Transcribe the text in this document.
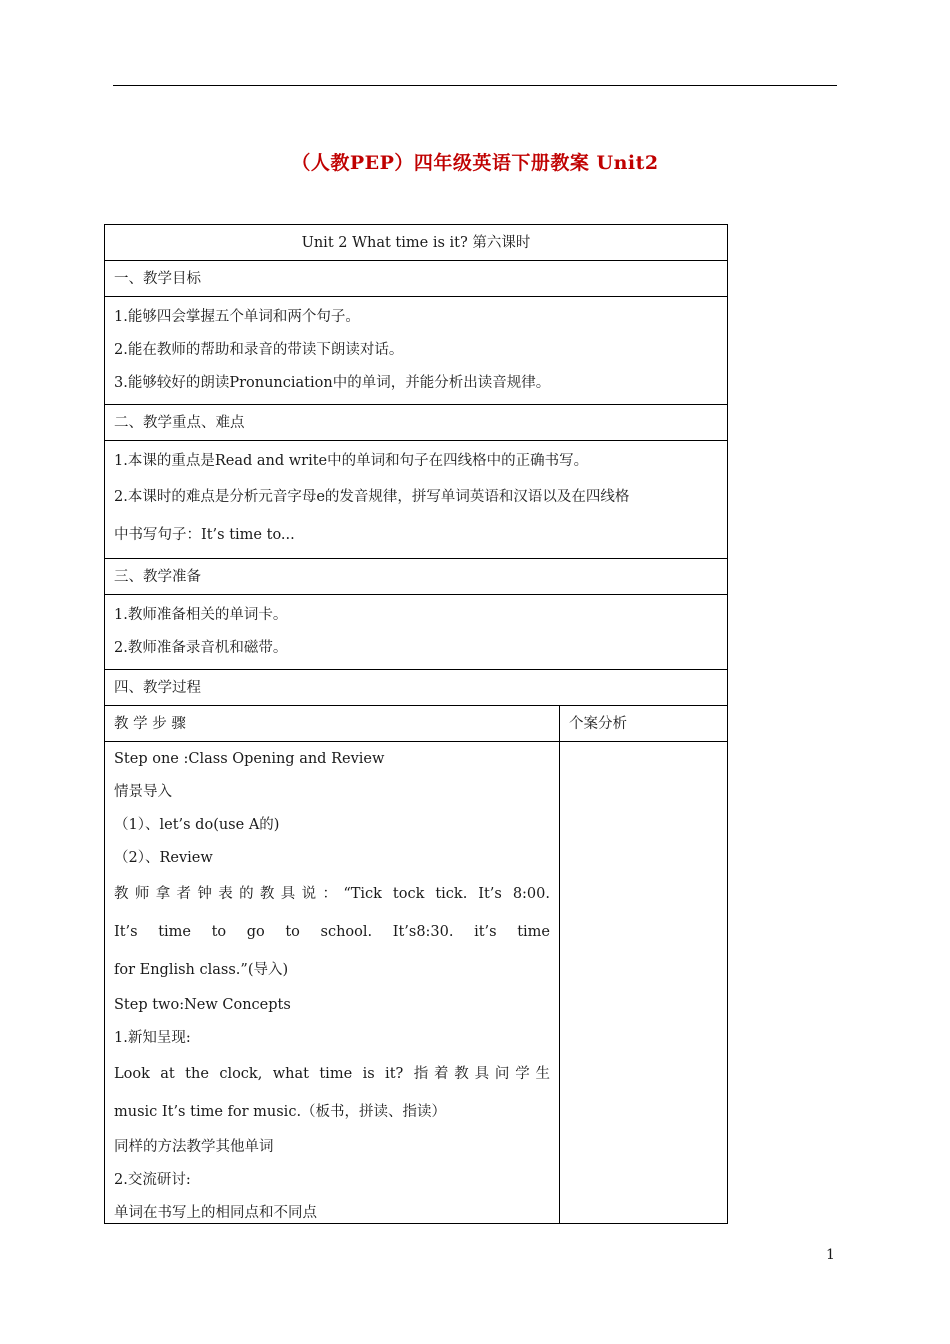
（人教PEP）四年级英语下册教案 Unit2
Unit 2 What time is it? 第六课时
一、教学目标
1.能够四会掌握五个单词和两个句子。
2.能在教师的帮助和录音的带读下朗读对话。
3.能够较好的朗读Pronunciation中的单词，并能分析出读音规律。
二、教学重点、难点
1.本课的重点是Read and write中的单词和句子在四线格中的正确书写。
2.本课时的难点是分析元音字母e的发音规律，拼写单词英语和汉语以及在四线格
中书写句子：It’s time to...
三、教学准备
1.教师准备相关的单词卡。
2.教师准备录音机和磁带。
四、教学过程
教 学 步 骤	个案分析
Step one :Class Opening and Review
情景导入
（1）、let’s do(use A的)
（2）、Review
教师拿者钟表的教具说：“Tick tock tick. It’s 8:00.
It’s time to go to school. It’s8:30. it’s time
for English class.”(导入)
Step two:New Concepts
1.新知呈现:
Look at the clock, what time is it? 指着教具问学生
music It’s time for music.（板书，拼读、指读）
同样的方法教学其他单词
2.交流研讨:
单词在书写上的相同点和不同点
1
